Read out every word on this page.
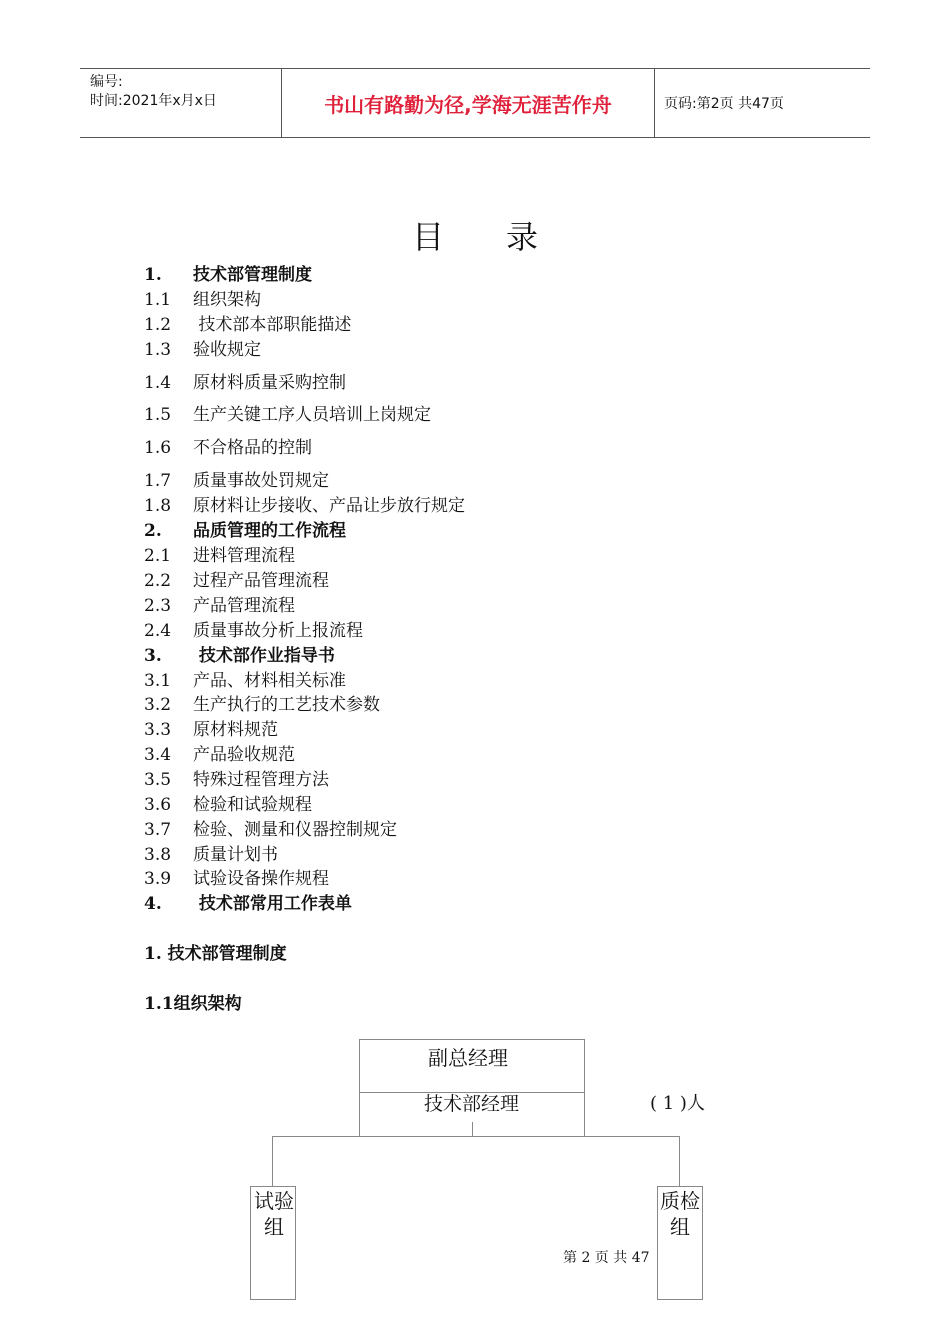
编号:
时间:2021年x月x日	书山有路勤为径,学海无涯苦作舟	页码:第2页 共47页
目录
1. 技术部管理制度
1.1 组织架构
1.2 技术部本部职能描述
1.3 验收规定
1.4 原材料质量采购控制
1.5 生产关键工序人员培训上岗规定
1.6 不合格品的控制
1.7 质量事故处罚规定
1.8 原材料让步接收、产品让步放行规定
2. 品质管理的工作流程
2.1 进料管理流程
2.2 过程产品管理流程
2.3 产品管理流程
2.4 质量事故分析上报流程
3. 技术部作业指导书
3.1 产品、材料相关标准
3.2 生产执行的工艺技术参数
3.3 原材料规范
3.4 产品验收规范
3.5 特殊过程管理方法
3.6 检验和试验规程
3.7 检验、测量和仪器控制规定
3.8 质量计划书
3.9 试验设备操作规程
4. 技术部常用工作表单
1. 技术部管理制度
1.1组织架构
副总经理
技术部经理	( 1 )人
试验组
质检组
第 2 页 共 47
